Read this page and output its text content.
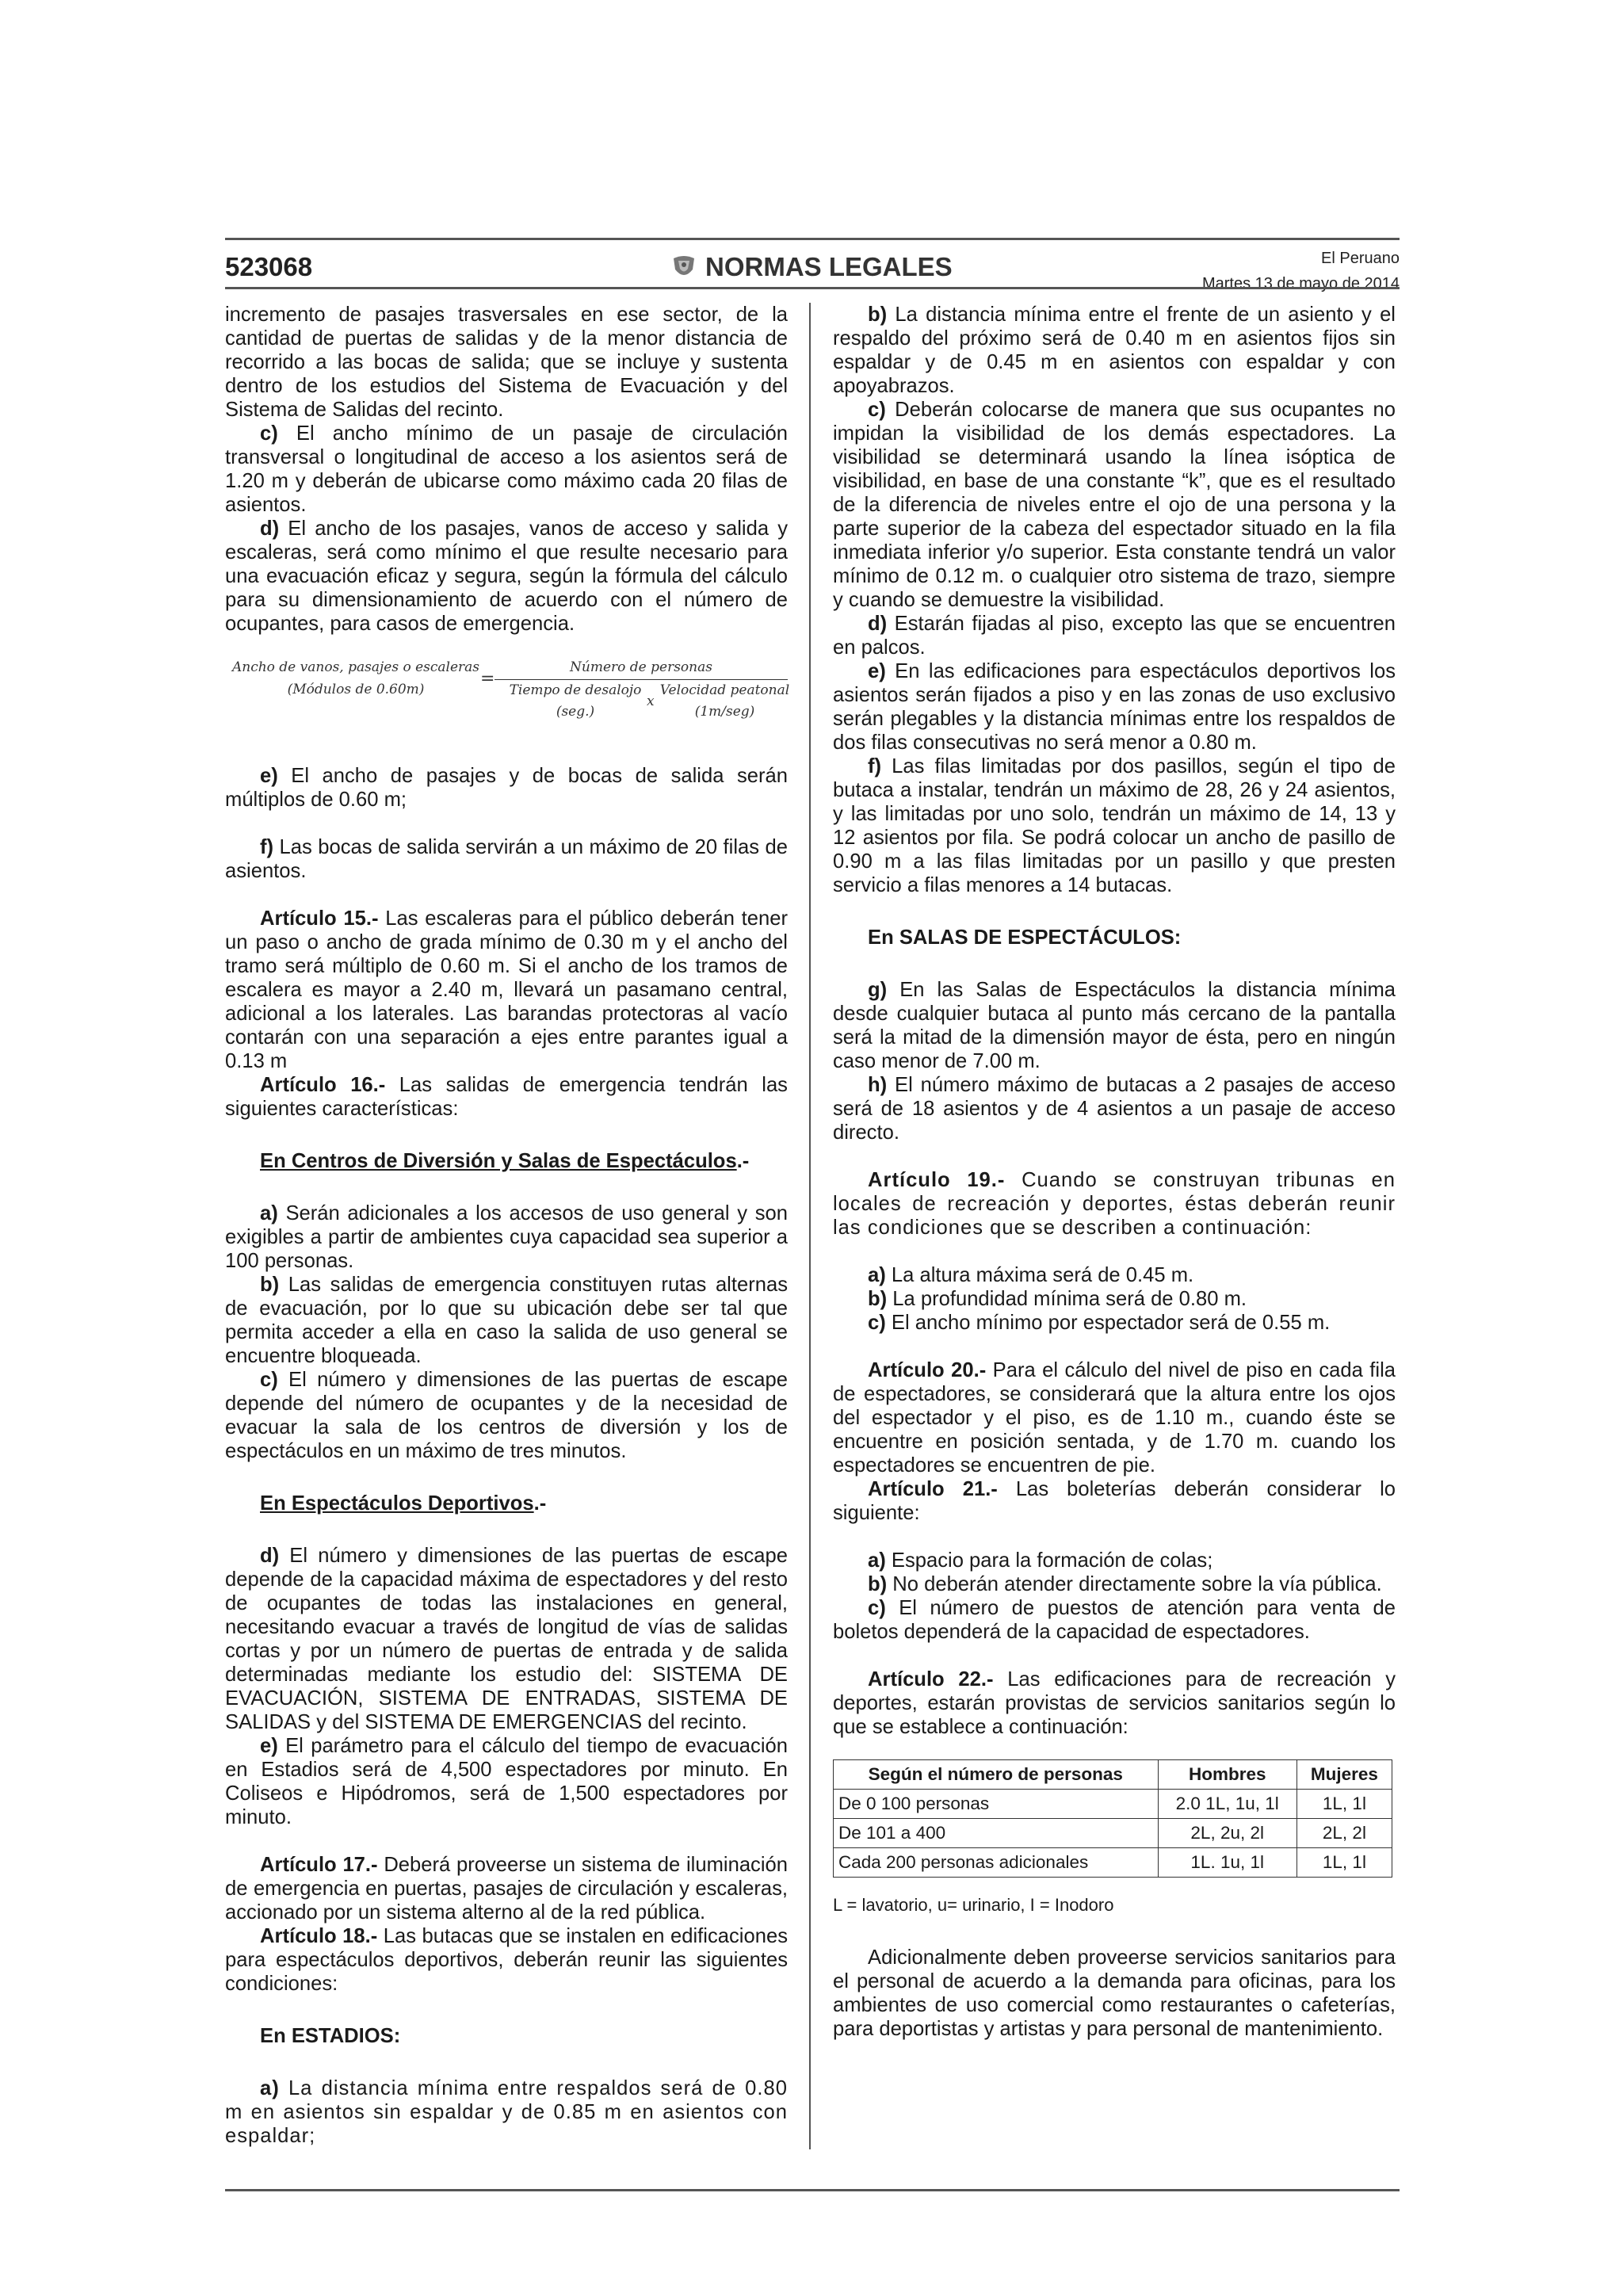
523068	NORMAS LEGALES	El Peruano
Martes 13 de mayo de 2014

incremento de pasajes trasversales en ese sector, de la cantidad de puertas de salidas y de la menor distancia de recorrido a las bocas de salida; que se incluye y sustenta dentro de los estudios del Sistema de Evacuación y del Sistema de Salidas del recinto.

c) El ancho mínimo de un pasaje de circulación transversal o longitudinal de acceso a los asientos será de 1.20 m y deberán de ubicarse como máximo cada 20 filas de asientos.

d) El ancho de los pasajes, vanos de acceso y salida y escaleras, será como mínimo el que resulte necesario para una evacuación eficaz y segura, según la fórmula del cálculo para su dimensionamiento de acuerdo con el número de ocupantes, para casos de emergencia.

Ancho de vanos, pasajes o escaleras
(Módulos de 0.60m)
=
Número de personas
Tiempo de desalojo
(seg.)
x
Velocidad peatonal
(1m/seg)

e) El ancho de pasajes y de bocas de salida serán múltiplos de 0.60 m;

f) Las bocas de salida servirán a un máximo de 20 filas de asientos.

Artículo 15.- Las escaleras para el público deberán tener un paso o ancho de grada mínimo de 0.30 m y el ancho del tramo será múltiplo de 0.60 m. Si el ancho de los tramos de escalera es mayor a 2.40 m, llevará un pasamano central, adicional a los laterales. Las barandas protectoras al vacío contarán con una separación a ejes entre parantes igual a 0.13 m

Artículo 16.- Las salidas de emergencia tendrán las siguientes características:

En Centros de Diversión y Salas de Espectáculos.-

a) Serán adicionales a los accesos de uso general y son exigibles a partir de ambientes cuya capacidad sea superior a 100 personas.

b) Las salidas de emergencia constituyen rutas alternas de evacuación, por lo que su ubicación debe ser tal que permita acceder a ella en caso la salida de uso general se encuentre bloqueada.

c) El número y dimensiones de las puertas de escape depende del número de ocupantes y de la necesidad de evacuar la sala de los centros de diversión y los de espectáculos en un máximo de tres minutos.

En Espectáculos Deportivos.-

d) El número y dimensiones de las puertas de escape depende de la capacidad máxima de espectadores y del resto de ocupantes de todas las instalaciones en general, necesitando evacuar a través de longitud de vías de salidas cortas y por un número de puertas de entrada y de salida determinadas mediante los estudio del: SISTEMA DE EVACUACIÓN, SISTEMA DE ENTRADAS, SISTEMA DE SALIDAS y del SISTEMA DE EMERGENCIAS del recinto.

e) El parámetro para el cálculo del tiempo de evacuación en Estadios será de 4,500 espectadores por minuto. En Coliseos e Hipódromos, será de 1,500 espectadores por minuto.

Artículo 17.- Deberá proveerse un sistema de iluminación de emergencia en puertas, pasajes de circulación y escaleras, accionado por un sistema alterno al de la red pública.

Artículo 18.- Las butacas que se instalen en edificaciones para espectáculos deportivos, deberán reunir las siguientes condiciones:

En ESTADIOS:

a) La distancia mínima entre respaldos será de 0.80 m en asientos sin espaldar y de 0.85 m en asientos con espaldar;

b) La distancia mínima entre el frente de un asiento y el respaldo del próximo será de 0.40 m en asientos fijos sin espaldar y de 0.45 m en asientos con espaldar y con apoyabrazos.

c) Deberán colocarse de manera que sus ocupantes no impidan la visibilidad de los demás espectadores. La visibilidad se determinará usando la línea isóptica de visibilidad, en base de una constante “k”, que es el resultado de la diferencia de niveles entre el ojo de una persona y la parte superior de la cabeza del espectador situado en la fila inmediata inferior y/o superior. Esta constante tendrá un valor mínimo de 0.12 m. o cualquier otro sistema de trazo, siempre y cuando se demuestre la visibilidad.

d) Estarán fijadas al piso, excepto las que se encuentren en palcos.

e) En las edificaciones para espectáculos deportivos los asientos serán fijados a piso y en las zonas de uso exclusivo serán plegables y la distancia mínimas entre los respaldos de dos filas consecutivas no será menor a 0.80 m.

f) Las filas limitadas por dos pasillos, según el tipo de butaca a instalar, tendrán un máximo de 28, 26 y 24 asientos, y las limitadas por uno solo, tendrán un máximo de 14, 13 y 12 asientos por fila. Se podrá colocar un ancho de pasillo de 0.90 m a las filas limitadas por un pasillo y que presten servicio a filas menores a 14 butacas.

En SALAS DE ESPECTÁCULOS:

g) En las Salas de Espectáculos la distancia mínima desde cualquier butaca al punto más cercano de la pantalla será la mitad de la dimensión mayor de ésta, pero en ningún caso menor de 7.00 m.

h) El número máximo de butacas a 2 pasajes de acceso será de 18 asientos y de 4 asientos a un pasaje de acceso directo.

Artículo 19.- Cuando se construyan tribunas en locales de recreación y deportes, éstas deberán reunir las condiciones que se describen a continuación:

a) La altura máxima será de 0.45 m.

b) La profundidad mínima será de 0.80 m.

c) El ancho mínimo por espectador será de 0.55 m.

Artículo 20.- Para el cálculo del nivel de piso en cada fila de espectadores, se considerará que la altura entre los ojos del espectador y el piso, es de 1.10 m., cuando éste se encuentre en posición sentada, y de 1.70 m. cuando los espectadores se encuentren de pie.

Artículo 21.- Las boleterías deberán considerar lo siguiente:

a) Espacio para la formación de colas;

b) No deberán atender directamente sobre la vía pública.

c) El número de puestos de atención para venta de boletos dependerá de la capacidad de espectadores.

Artículo 22.- Las edificaciones para de recreación y deportes, estarán provistas de servicios sanitarios según lo que se establece a continuación:

Según el número de personas	Hombres	Mujeres
De 0 100 personas	2.0 1L, 1u, 1l	1L, 1l
De 101 a 400	2L, 2u, 2l	2L, 2l
Cada 200 personas adicionales	1L. 1u, 1l	1L, 1l

L = lavatorio, u= urinario, I = Inodoro

Adicionalmente deben proveerse servicios sanitarios para el personal de acuerdo a la demanda para oficinas, para los ambientes de uso comercial como restaurantes o cafeterías, para deportistas y artistas y para personal de mantenimiento.
